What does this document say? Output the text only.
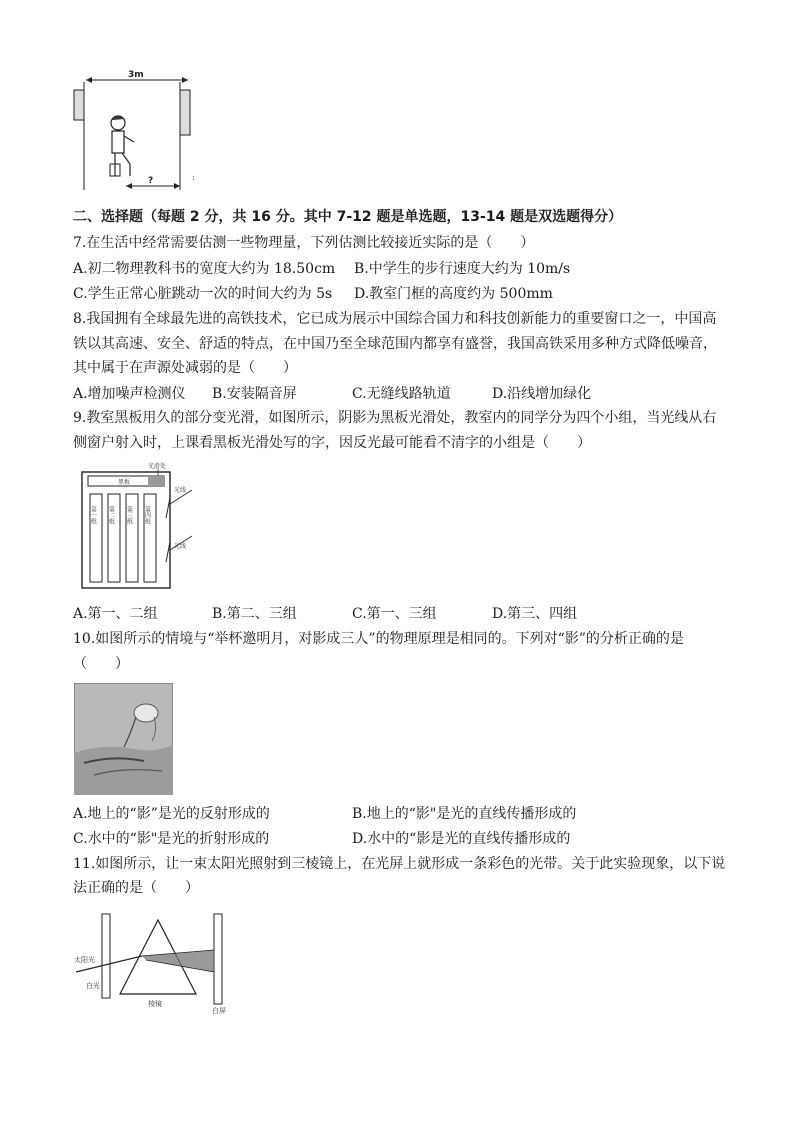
3m
?	:
二、选择题（每题 2 分，共 16 分。其中 7-12 题是单选题，13-14 题是双选题得分）
7.在生活中经常需要估测一些物理量，下列估测比较接近实际的是（　　）
A.初二物理教科书的宽度大约为 18.50cm B.中学生的步行速度大约为 10m/s
C.学生正常心脏跳动一次的时间大约为 5s D.教室门框的高度约为 500mm
8.我国拥有全球最先进的高铁技术，它已成为展示中国综合国力和科技创新能力的重要窗口之一，中国高
铁以其高速、安全、舒适的特点，在中国乃至全球范围内都享有盛誉，我国高铁采用多种方式降低噪音，
其中属于在声源处减弱的是（　　）
A.增加噪声检测仪 B.安装隔音屏	C.无缝线路轨道	D.沿线增加绿化
9.教室黑板用久的部分变光滑，如图所示，阴影为黑板光滑处，教室内的同学分为四个小组，当光线从右
侧窗户射入时，上课看黑板光滑处写的字，因反光最可能看不清字的小组是（　　）
黑板
光滑处
第一组 第二组 第三组 第四组
光线
光线
A.第一、二组	B.第二、三组	C.第一、三组	D.第三、四组
10.如图所示的情境与“举杯邀明月，对影成三人”的物理原理是相同的。下列对“影”的分析正确的是
（　　）
A.地上的“影”是光的反射形成的	B.地上的“影"是光的直线传播形成的
C.水中的“影"是光的折射形成的	D.水中的“影是光的直线传播形成的
11.如图所示，让一束太阳光照射到三棱镜上，在光屏上就形成一条彩色的光带。关于此实验现象，以下说
法正确的是（　　）
太阳光
白光
棱镜
白屏
